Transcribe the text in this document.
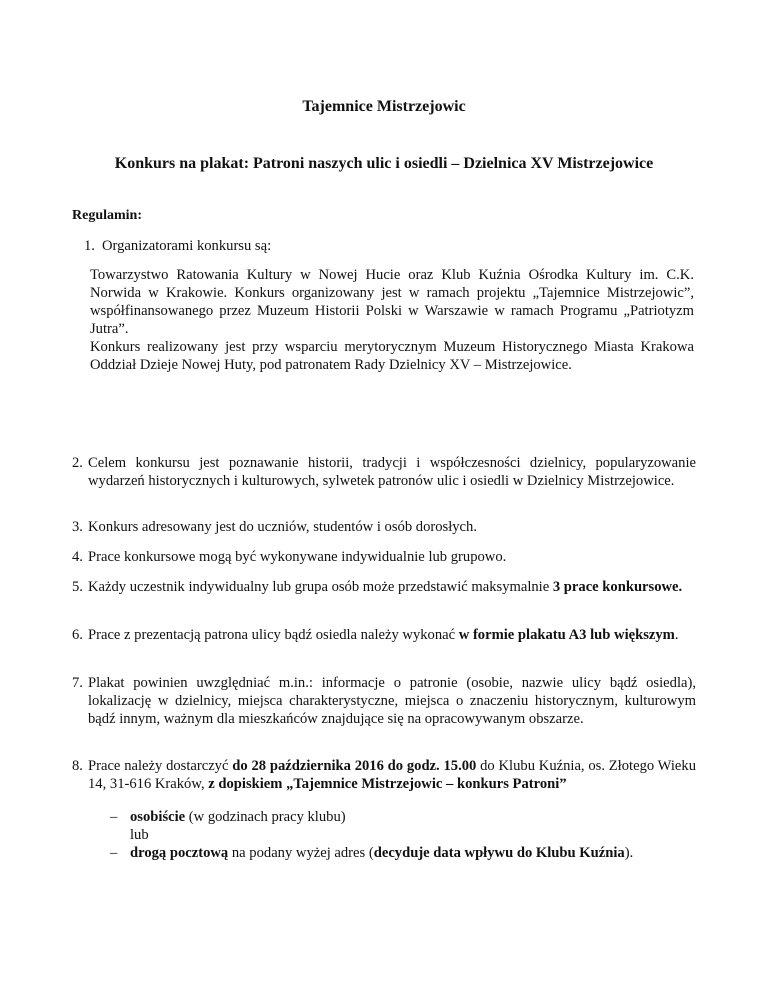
Tajemnice Mistrzejowic
Konkurs na plakat: Patroni naszych ulic i osiedli – Dzielnica XV Mistrzejowice
Regulamin:
1. Organizatorami konkursu są:
Towarzystwo Ratowania Kultury w Nowej Hucie oraz Klub Kuźnia Ośrodka Kultury im. C.K. Norwida w Krakowie. Konkurs organizowany jest w ramach projektu „Tajemnice Mistrzejowic”, współfinansowanego przez Muzeum Historii Polski w Warszawie w ramach Programu „Patriotyzm Jutra”.
Konkurs realizowany jest przy wsparciu merytorycznym Muzeum Historycznego Miasta Krakowa Oddział Dzieje Nowej Huty, pod patronatem Rady Dzielnicy XV – Mistrzejowice.
2. Celem konkursu jest poznawanie historii, tradycji i współczesności dzielnicy, popularyzowanie wydarzeń historycznych i kulturowych, sylwetek patronów ulic i osiedli w Dzielnicy Mistrzejowice.
3. Konkurs adresowany jest do uczniów, studentów i osób dorosłych.
4. Prace konkursowe mogą być wykonywane indywidualnie lub grupowo.
5. Każdy uczestnik indywidualny lub grupa osób może przedstawić maksymalnie 3 prace konkursowe.
6. Prace z prezentacją patrona ulicy bądź osiedla należy wykonać w formie plakatu A3 lub większym.
7. Plakat powinien uwzględniać m.in.: informacje o patronie (osobie, nazwie ulicy bądź osiedla), lokalizację w dzielnicy, miejsca charakterystyczne, miejsca o znaczeniu historycznym, kulturowym bądź innym, ważnym dla mieszkańców znajdujące się na opracowywanym obszarze.
8. Prace należy dostarczyć do 28 października 2016 do godz. 15.00 do Klubu Kuźnia, os. Złotego Wieku 14, 31-616 Kraków, z dopiskiem „Tajemnice Mistrzejowic – konkurs Patroni”
– osobiście (w godzinach pracy klubu)
lub
– drogą pocztową na podany wyżej adres (decyduje data wpływu do Klubu Kuźnia).
